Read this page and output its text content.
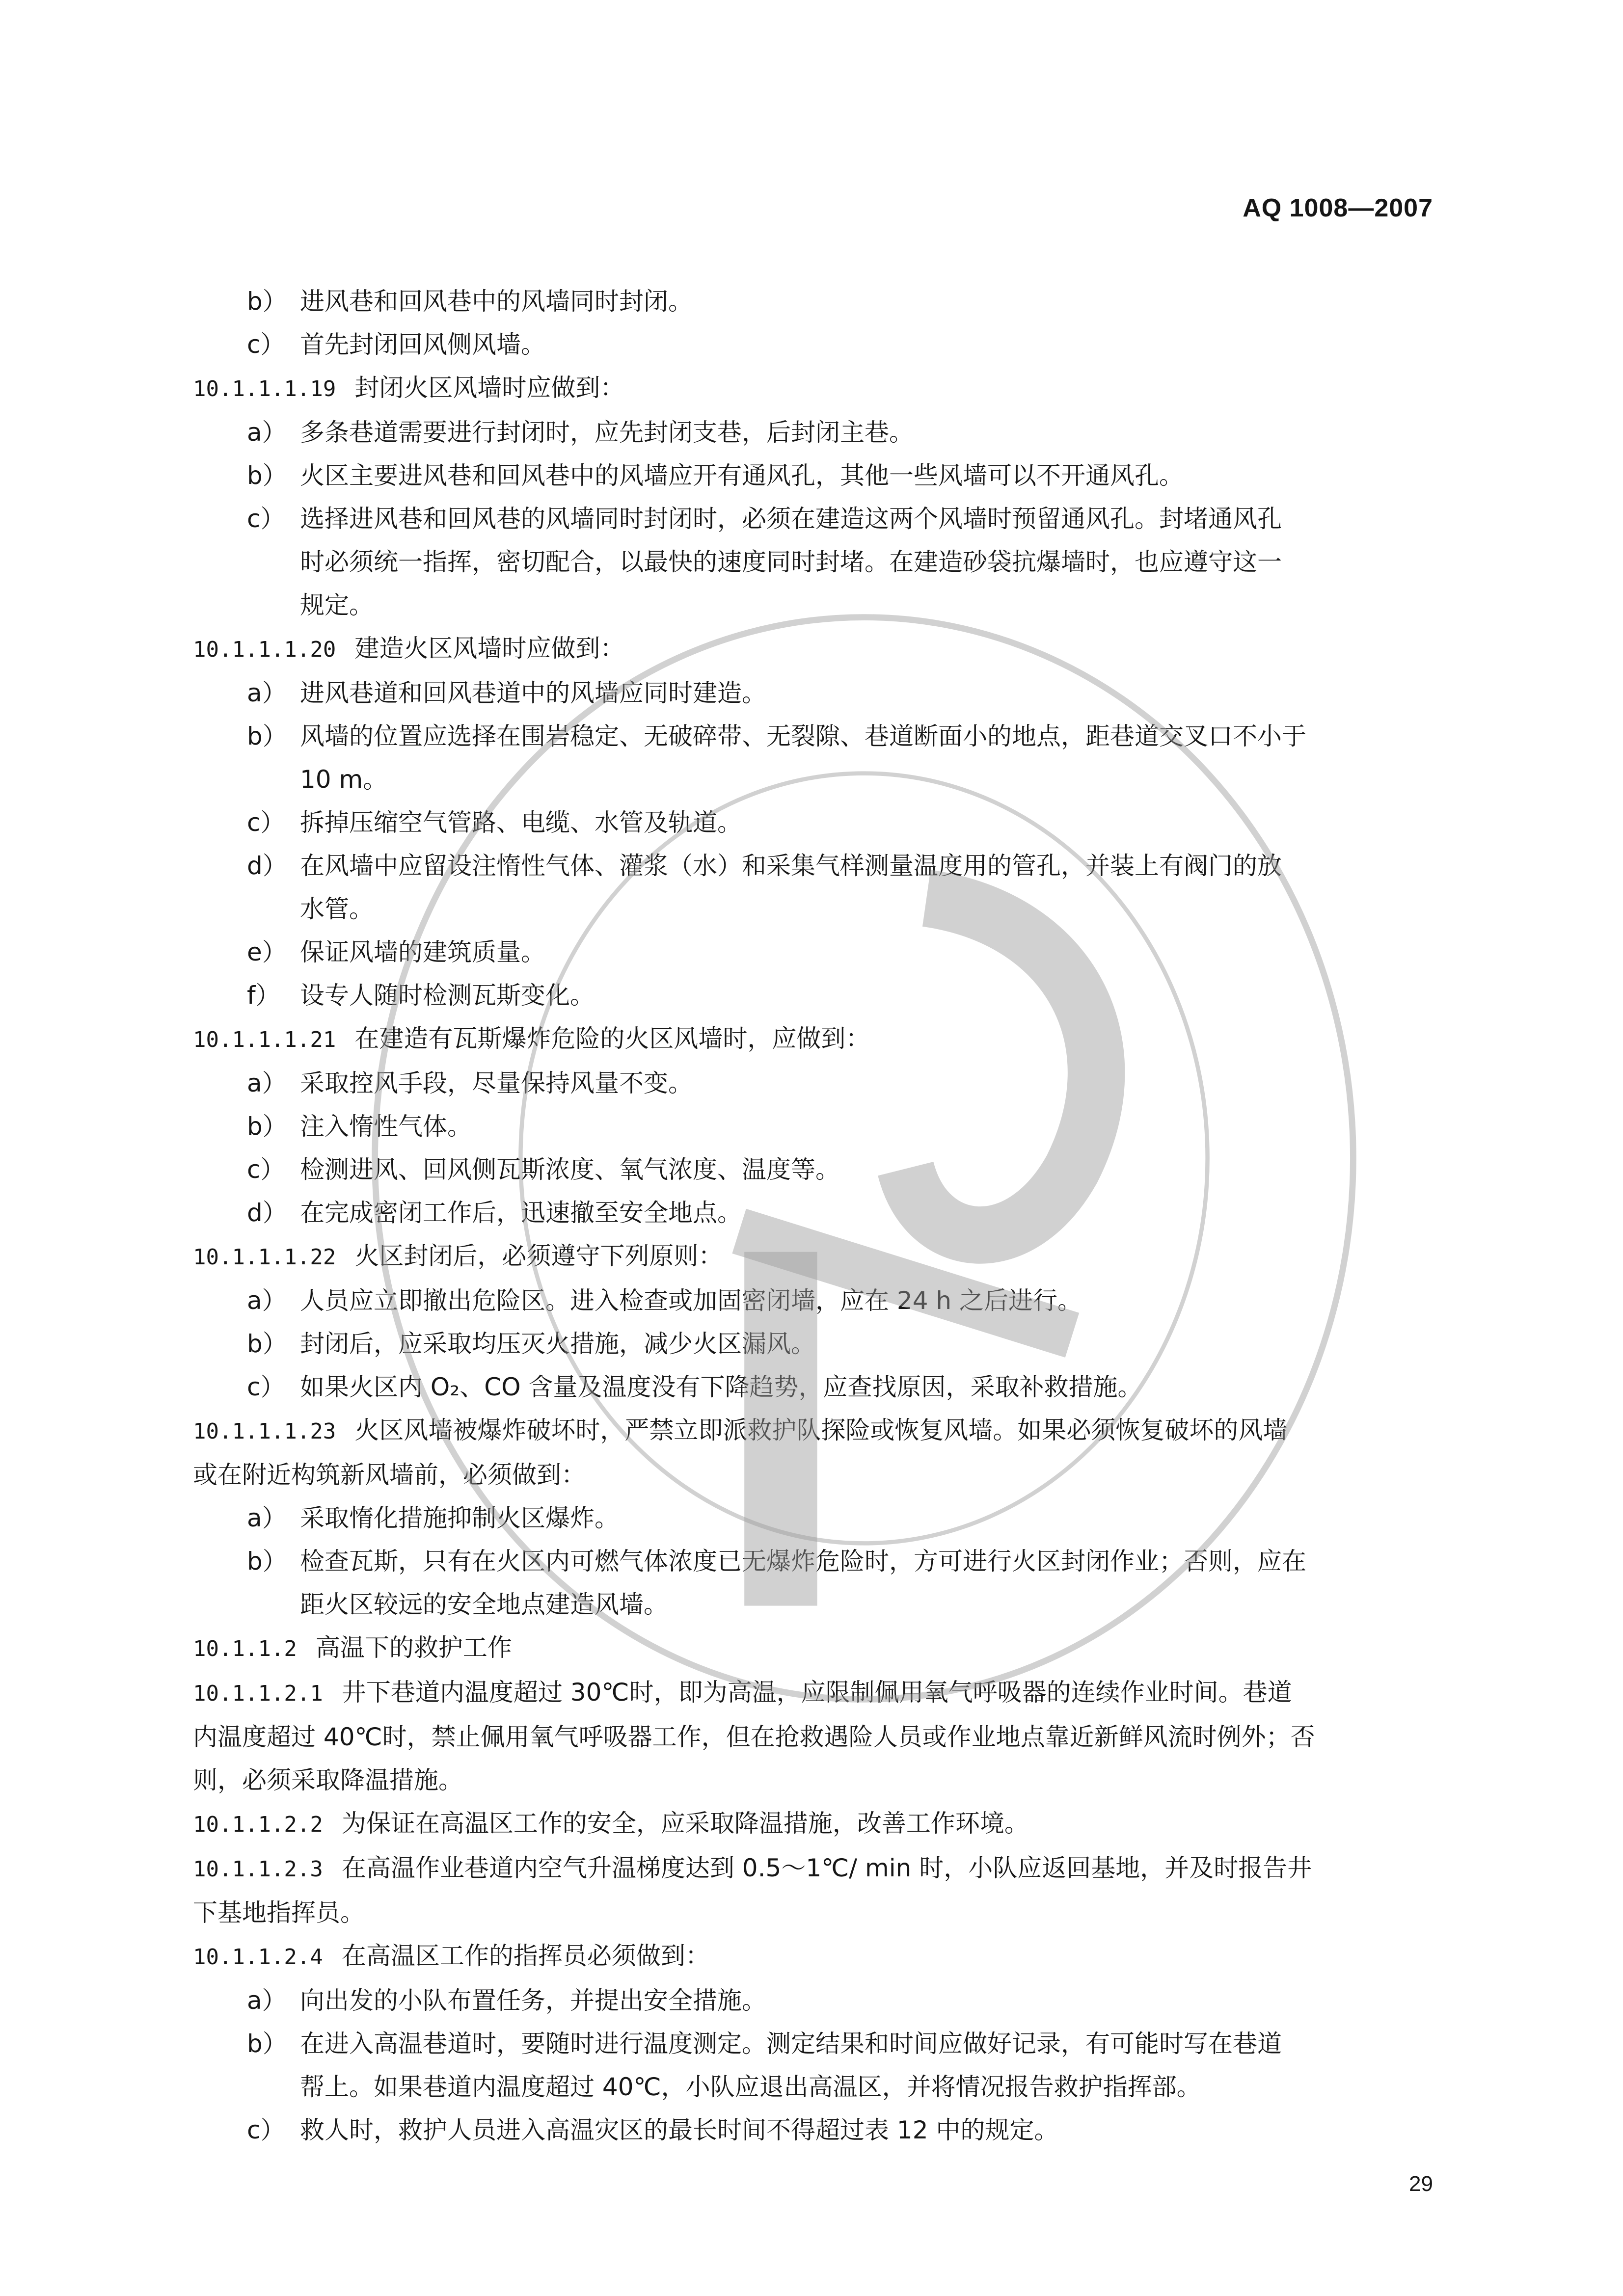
AQ 1008—2007
b） 进风巷和回风巷中的风墙同时封闭。
c） 首先封闭回风侧风墙。
10.1.1.1.19 封闭火区风墙时应做到：
a） 多条巷道需要进行封闭时，应先封闭支巷，后封闭主巷。
b） 火区主要进风巷和回风巷中的风墙应开有通风孔，其他一些风墙可以不开通风孔。
c） 选择进风巷和回风巷的风墙同时封闭时，必须在建造这两个风墙时预留通风孔。封堵通风孔
时必须统一指挥，密切配合，以最快的速度同时封堵。在建造砂袋抗爆墙时，也应遵守这一
规定。
10.1.1.1.20 建造火区风墙时应做到：
a） 进风巷道和回风巷道中的风墙应同时建造。
b） 风墙的位置应选择在围岩稳定、无破碎带、无裂隙、巷道断面小的地点，距巷道交叉口不小于
10 m。
c） 拆掉压缩空气管路、电缆、水管及轨道。
d） 在风墙中应留设注惰性气体、灌浆（水）和采集气样测量温度用的管孔，并装上有阀门的放
水管。
e） 保证风墙的建筑质量。
f） 设专人随时检测瓦斯变化。
10.1.1.1.21 在建造有瓦斯爆炸危险的火区风墙时，应做到：
a） 采取控风手段，尽量保持风量不变。
b） 注入惰性气体。
c） 检测进风、回风侧瓦斯浓度、氧气浓度、温度等。
d） 在完成密闭工作后，迅速撤至安全地点。
10.1.1.1.22 火区封闭后，必须遵守下列原则：
a） 人员应立即撤出危险区。进入检查或加固密闭墙，应在 24 h 之后进行。
b） 封闭后，应采取均压灭火措施，减少火区漏风。
c） 如果火区内 O₂、CO 含量及温度没有下降趋势，应查找原因，采取补救措施。
10.1.1.1.23 火区风墙被爆炸破坏时，严禁立即派救护队探险或恢复风墙。如果必须恢复破坏的风墙
或在附近构筑新风墙前，必须做到：
a） 采取惰化措施抑制火区爆炸。
b） 检查瓦斯，只有在火区内可燃气体浓度已无爆炸危险时，方可进行火区封闭作业；否则，应在
距火区较远的安全地点建造风墙。
10.1.1.2 高温下的救护工作
10.1.1.2.1 井下巷道内温度超过 30℃时，即为高温，应限制佩用氧气呼吸器的连续作业时间。巷道
内温度超过 40℃时，禁止佩用氧气呼吸器工作，但在抢救遇险人员或作业地点靠近新鲜风流时例外；否
则，必须采取降温措施。
10.1.1.2.2 为保证在高温区工作的安全，应采取降温措施，改善工作环境。
10.1.1.2.3 在高温作业巷道内空气升温梯度达到 0.5～1℃/ min 时，小队应返回基地，并及时报告井
下基地指挥员。
10.1.1.2.4 在高温区工作的指挥员必须做到：
a） 向出发的小队布置任务，并提出安全措施。
b） 在进入高温巷道时，要随时进行温度测定。测定结果和时间应做好记录，有可能时写在巷道
帮上。如果巷道内温度超过 40℃，小队应退出高温区，并将情况报告救护指挥部。
c） 救人时，救护人员进入高温灾区的最长时间不得超过表 12 中的规定。
29
